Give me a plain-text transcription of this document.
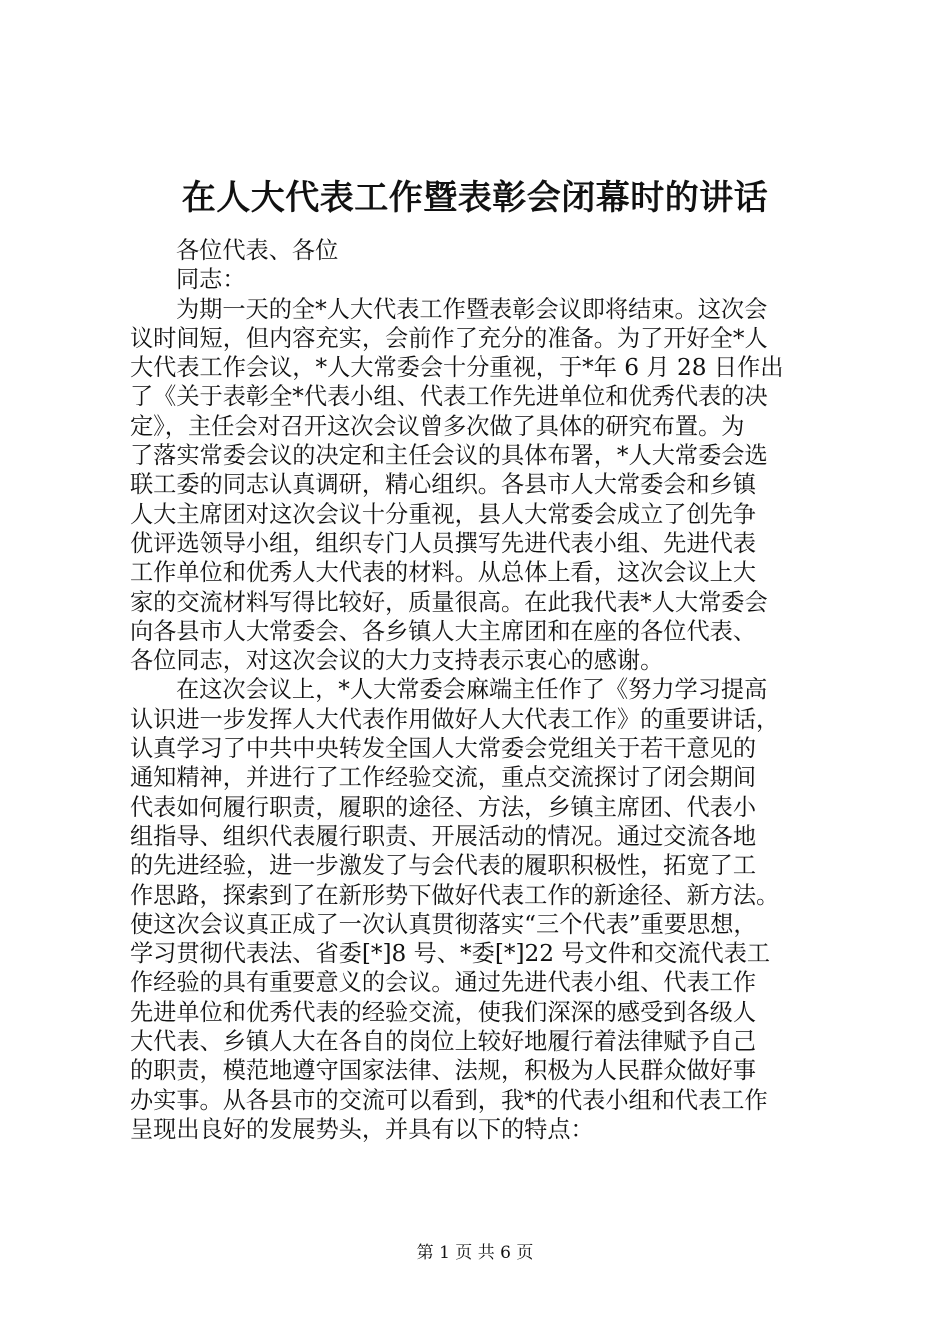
在人大代表工作暨表彰会闭幕时的讲话
各位代表、各位
同志：
为期一天的全*人大代表工作暨表彰会议即将结束。这次会
议时间短，但内容充实，会前作了充分的准备。为了开好全*人
大代表工作会议，*人大常委会十分重视，于*年 6 月 28 日作出
了《关于表彰全*代表小组、代表工作先进单位和优秀代表的决
定》，主任会对召开这次会议曾多次做了具体的研究布置。为
了落实常委会议的决定和主任会议的具体布署，*人大常委会选
联工委的同志认真调研，精心组织。各县市人大常委会和乡镇
人大主席团对这次会议十分重视，县人大常委会成立了创先争
优评选领导小组，组织专门人员撰写先进代表小组、先进代表
工作单位和优秀人大代表的材料。从总体上看，这次会议上大
家的交流材料写得比较好，质量很高。在此我代表*人大常委会
向各县市人大常委会、各乡镇人大主席团和在座的各位代表、
各位同志，对这次会议的大力支持表示衷心的感谢。
在这次会议上，*人大常委会麻端主任作了《努力学习提高
认识进一步发挥人大代表作用做好人大代表工作》的重要讲话，
认真学习了中共中央转发全国人大常委会党组关于若干意见的
通知精神，并进行了工作经验交流，重点交流探讨了闭会期间
代表如何履行职责，履职的途径、方法，乡镇主席团、代表小
组指导、组织代表履行职责、开展活动的情况。通过交流各地
的先进经验，进一步激发了与会代表的履职积极性，拓宽了工
作思路，探索到了在新形势下做好代表工作的新途径、新方法。
使这次会议真正成了一次认真贯彻落实“三个代表”重要思想，
学习贯彻代表法、省委[*]8 号、*委[*]22 号文件和交流代表工
作经验的具有重要意义的会议。通过先进代表小组、代表工作
先进单位和优秀代表的经验交流，使我们深深的感受到各级人
大代表、乡镇人大在各自的岗位上较好地履行着法律赋予自己
的职责，模范地遵守国家法律、法规，积极为人民群众做好事
办实事。从各县市的交流可以看到，我*的代表小组和代表工作
呈现出良好的发展势头，并具有以下的特点：
第 1 页 共 6 页
